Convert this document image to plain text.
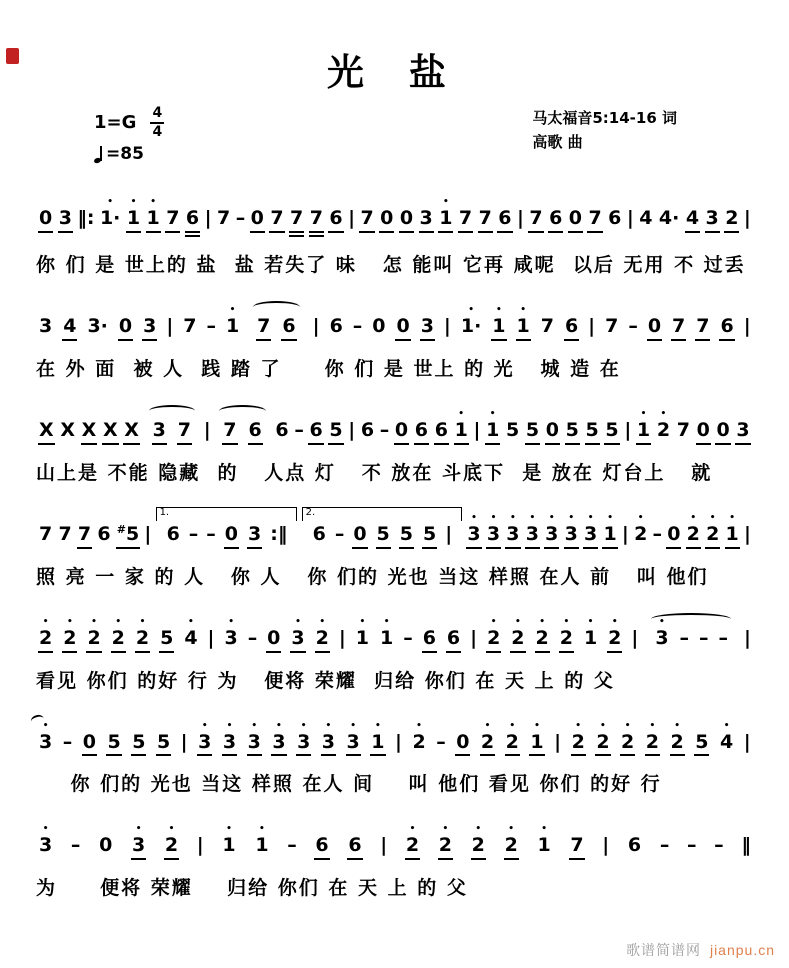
光 盐
$1=G \frac{4}{4}$
=85
马太福音5:14-16 词
高歌 曲
0 3 ‖:
•
1·
•
1
•
1 7 6 | 7 – 0 7 7 7 6 | 7 0 0 3
•
1 7 7 6 | 7 6 0 7 6 | 4 4· 4 3 2 |
你 们 是 世上的 盐  盐 若失了 味   怎 能叫 它再 咸呢  以后 无用 不 过丢
3 4 3· 0 3 | 7 –
•
1 7 6 | 6 – 0 0 3 |
•
1·
•
1
•
1 7 6 | 7 – 0 7 7 6 |
在 外 面  被 人  践 踏 了     你 们 是 世上 的 光   城 造 在
X X X X X 3 7 | 7 6 6 – 6 5 | 6 – 0 6 6
•
1 |
•
1 5 5 0 5 5 5 |
•
1
•
2 7 0 0 3
山上是 不能 隐藏  的   人点 灯   不 放在 斗底下  是 放在 灯台上   就
7 7 7 6 #5 |
1.
6 – – 0 3 :‖
2.
6 – 0 5 5 5 |
•
3
•
3
•
3
•
3
•
3
•
3
•
3
•
1 |
•
2 – 0
•
2
•
2
•
1 |
照 亮 一 家 的 人   你 人   你 们的 光也 当这 样照 在人 前   叫 他们
•
2
•
2
•
2
•
2
•
2 5
•
4 |
•
3 – 0
•
3
•
2 |
•
1
•
1 – 6 6 |
•
2
•
2
•
2
•
2
•
1
•
2 |
•
3 – – – |
看见 你们 的好 行 为   便将 荣耀  归给 你们 在 天 上 的 父
•
3 – 0 5 5 5 |
•
3
•
3
•
3
•
3
•
3
•
3
•
3
•
1 |
•
2 – 0
•
2
•
2
•
1 |
•
2
•
2
•
2
•
2
•
2 5
•
4 |
你 们的 光也 当这 样照 在人 间    叫 他们 看见 你们 的好 行
•
3 – 0
•
3
•
2 |
•
1
•
1 – 6 6 |
•
2
•
2
•
2
•
2
•
1 7 | 6 – – – ‖
为     便将 荣耀    归给 你们 在 天 上 的 父
歌谱简谱网 jianpu.cn
